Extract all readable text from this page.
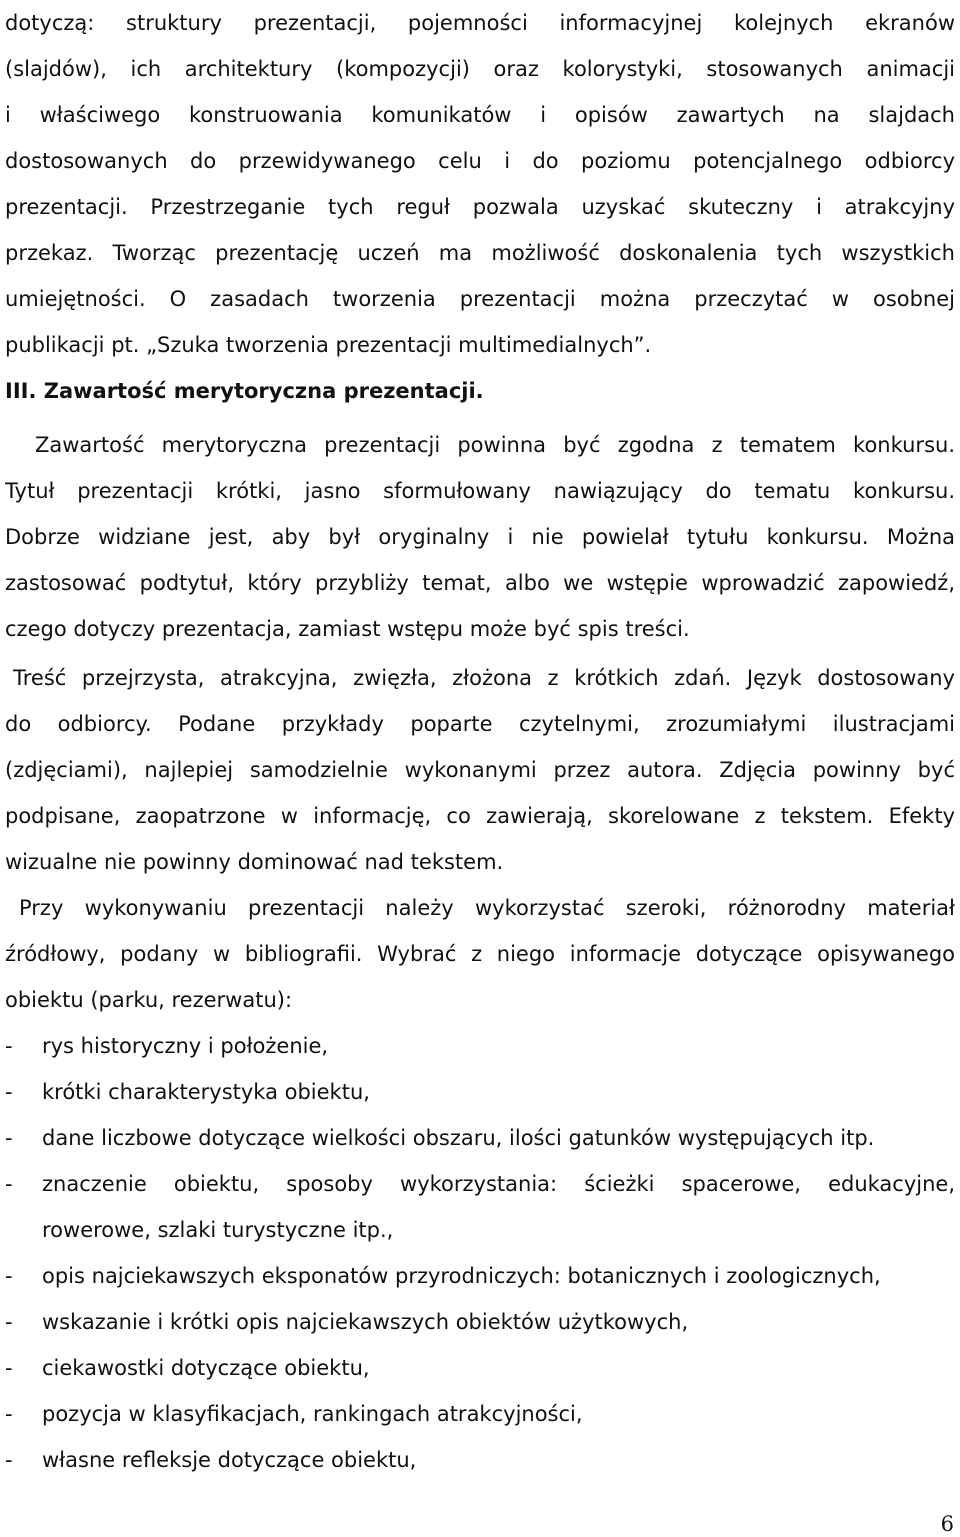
dotyczą: struktury prezentacji, pojemności informacyjnej kolejnych ekranów
(slajdów), ich architektury (kompozycji) oraz kolorystyki, stosowanych animacji
i właściwego konstruowania komunikatów i opisów zawartych na slajdach
dostosowanych do przewidywanego celu i do poziomu potencjalnego odbiorcy
prezentacji. Przestrzeganie tych reguł pozwala uzyskać skuteczny i atrakcyjny
przekaz. Tworząc prezentację uczeń ma możliwość doskonalenia tych wszystkich
umiejętności. O zasadach tworzenia prezentacji można przeczytać w osobnej
publikacji pt. „Szuka tworzenia prezentacji multimedialnych”.
III. Zawartość merytoryczna prezentacji.
Zawartość merytoryczna prezentacji powinna być zgodna z tematem konkursu.
Tytuł prezentacji krótki, jasno sformułowany nawiązujący do tematu konkursu.
Dobrze widziane jest, aby był oryginalny i nie powielał tytułu konkursu. Można
zastosować podtytuł, który przybliży temat, albo we wstępie wprowadzić zapowiedź,
czego dotyczy prezentacja, zamiast wstępu może być spis treści.
Treść przejrzysta, atrakcyjna, zwięzła, złożona z krótkich zdań. Język dostosowany
do odbiorcy. Podane przykłady poparte czytelnymi, zrozumiałymi ilustracjami
(zdjęciami), najlepiej samodzielnie wykonanymi przez autora. Zdjęcia powinny być
podpisane, zaopatrzone w informację, co zawierają, skorelowane z tekstem. Efekty
wizualne nie powinny dominować nad tekstem.
Przy wykonywaniu prezentacji należy wykorzystać szeroki, różnorodny materiał
źródłowy, podany w bibliografii. Wybrać z niego informacje dotyczące opisywanego
obiektu (parku, rezerwatu):
- rys historyczny i położenie,
- krótki charakterystyka obiektu,
- dane liczbowe dotyczące wielkości obszaru, ilości gatunków występujących itp.
- znaczenie obiektu, sposoby wykorzystania: ścieżki spacerowe, edukacyjne,
rowerowe, szlaki turystyczne itp.,
- opis najciekawszych eksponatów przyrodniczych: botanicznych i zoologicznych,
- wskazanie i krótki opis najciekawszych obiektów użytkowych,
- ciekawostki dotyczące obiektu,
- pozycja w klasyfikacjach, rankingach atrakcyjności,
- własne refleksje dotyczące obiektu,
6
